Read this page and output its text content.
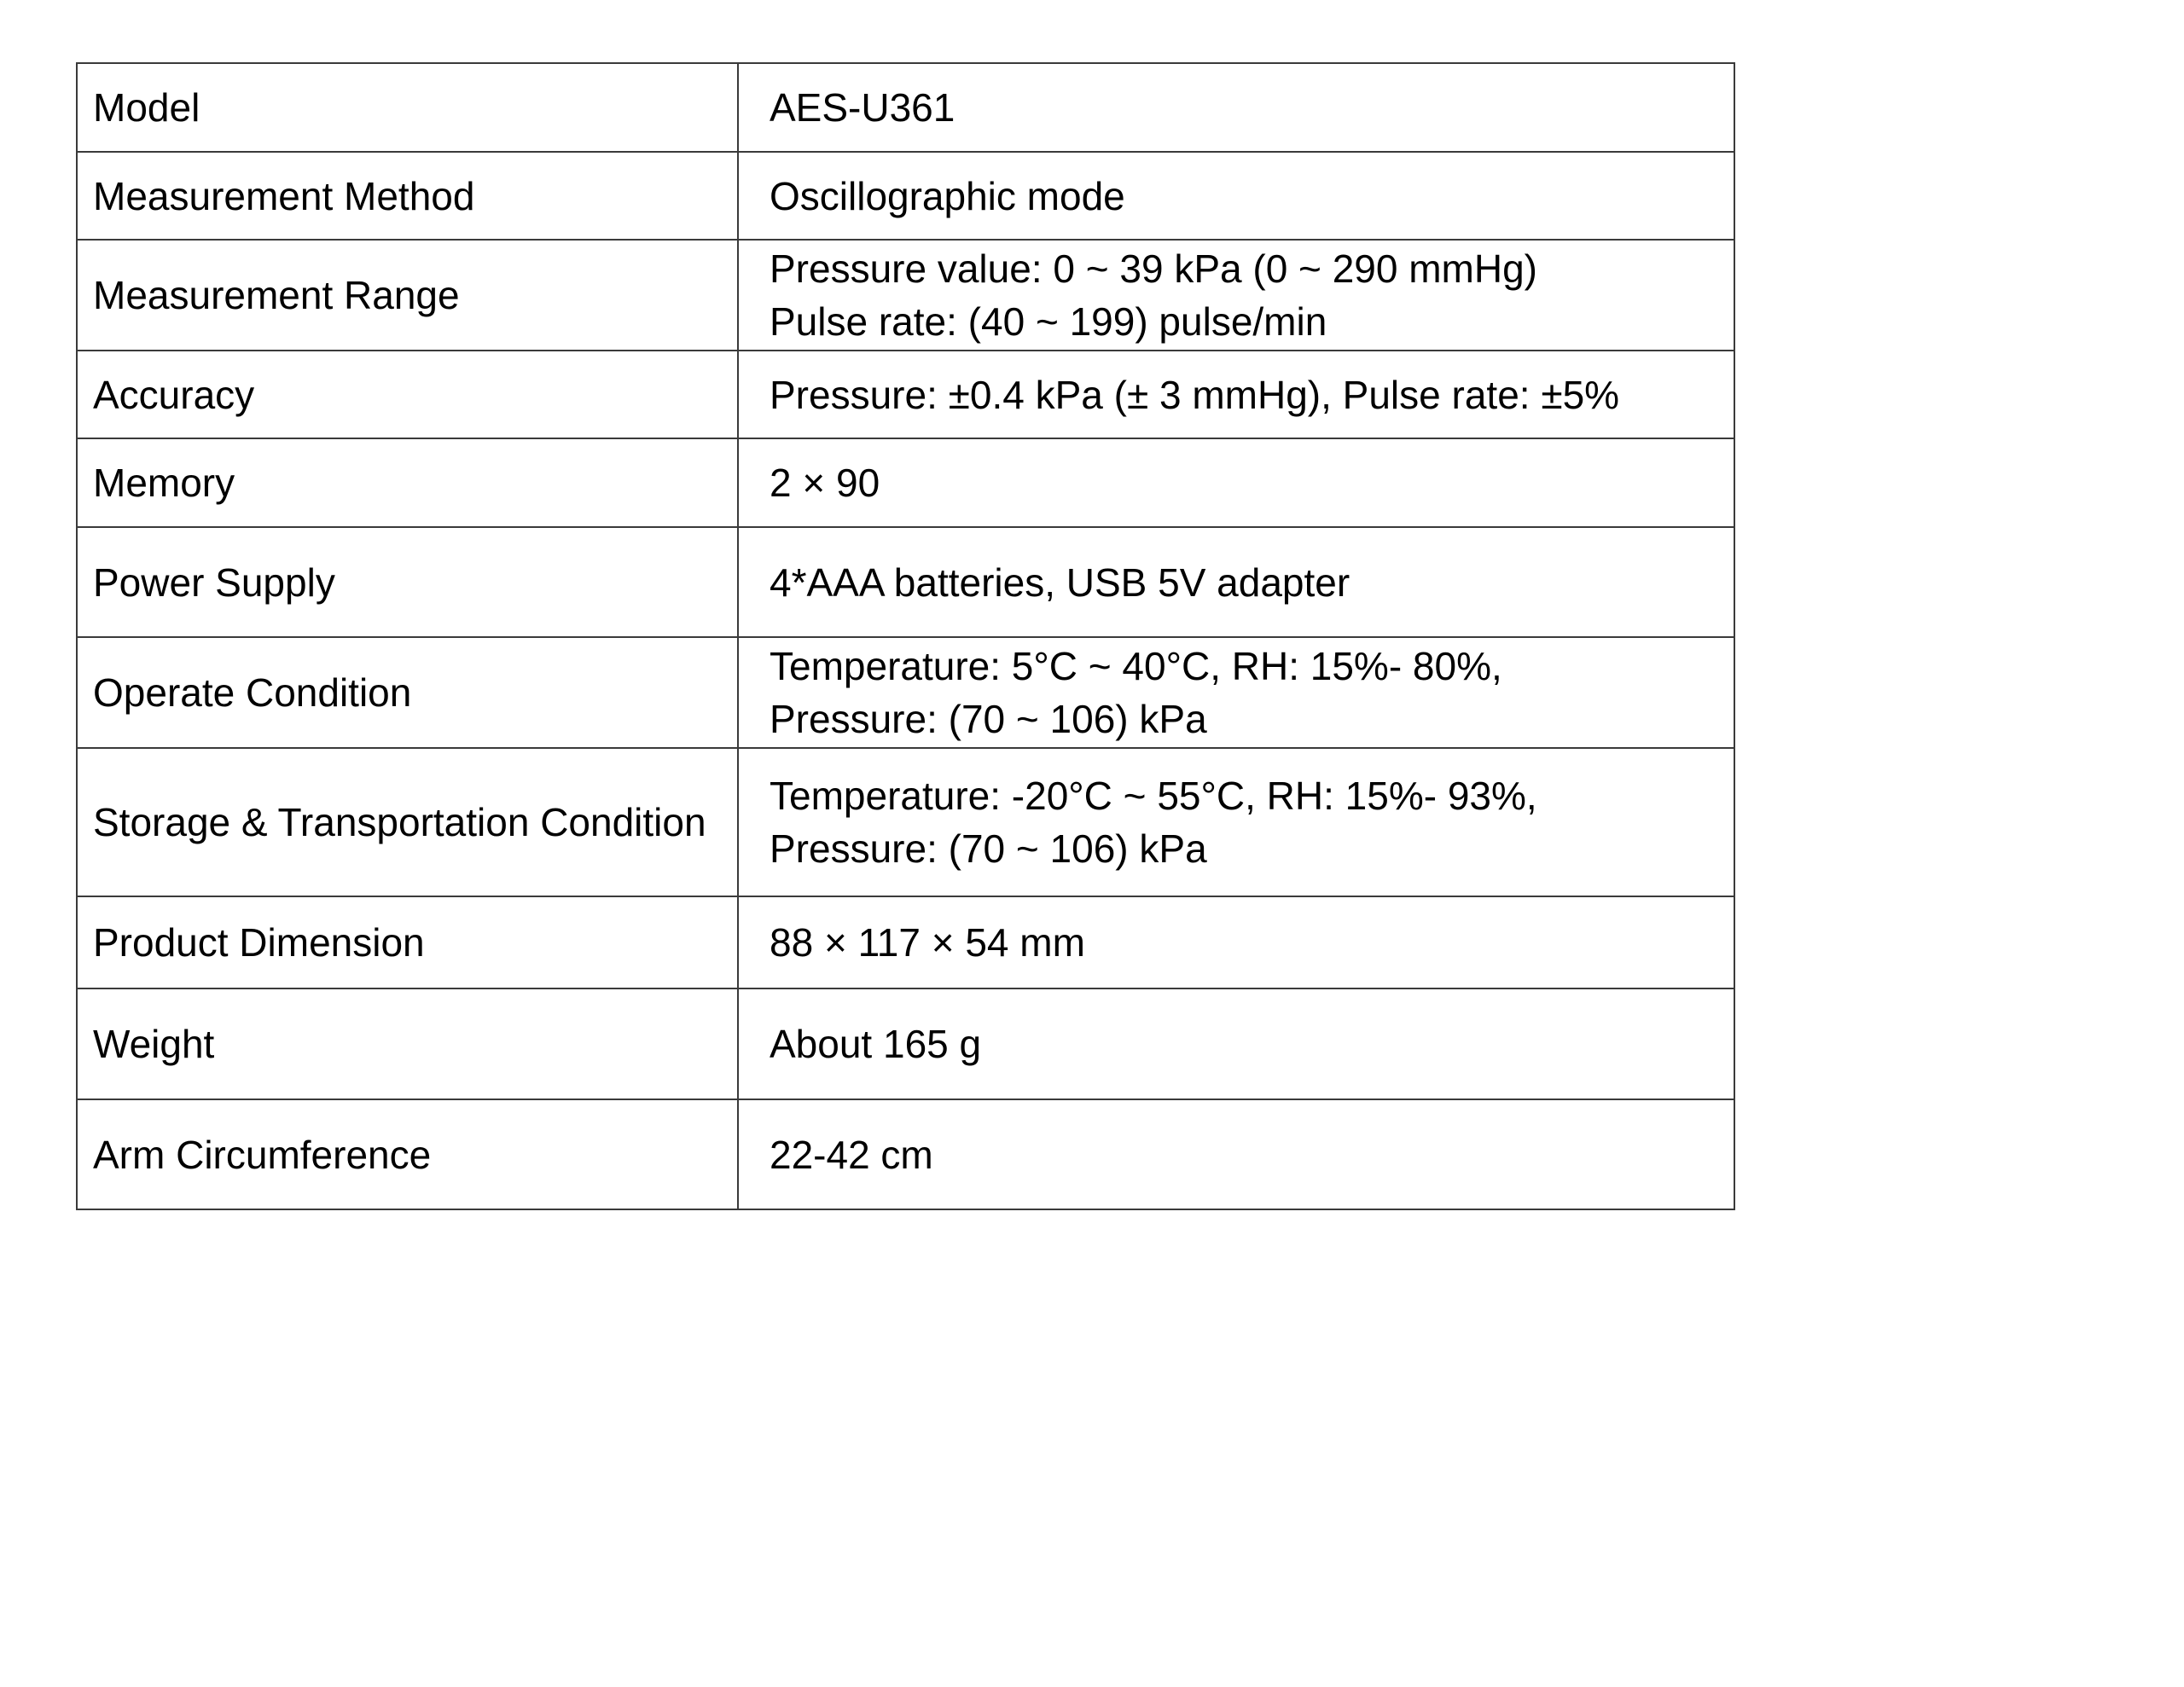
Model	AES-U361

Measurement Method	Oscillographic mode

Measurement Range	Pressure value: 0 ~ 39 kPa (0 ~ 290 mmHg)
Pulse rate: (40 ~ 199) pulse/min

Accuracy	Pressure: ±0.4 kPa (± 3 mmHg), Pulse rate: ±5%

Memory	2 × 90

Power Supply	4*AAA batteries, USB 5V adapter

Operate Condition	Temperature: 5°C ~ 40°C, RH: 15%- 80%,
Pressure: (70 ~ 106) kPa

Storage & Transportation Condition	Temperature: -20°C ~ 55°C, RH: 15%- 93%,
Pressure: (70 ~ 106) kPa

Product Dimension	88 × 117 × 54 mm

Weight	About 165 g

Arm Circumference	22-42 cm
